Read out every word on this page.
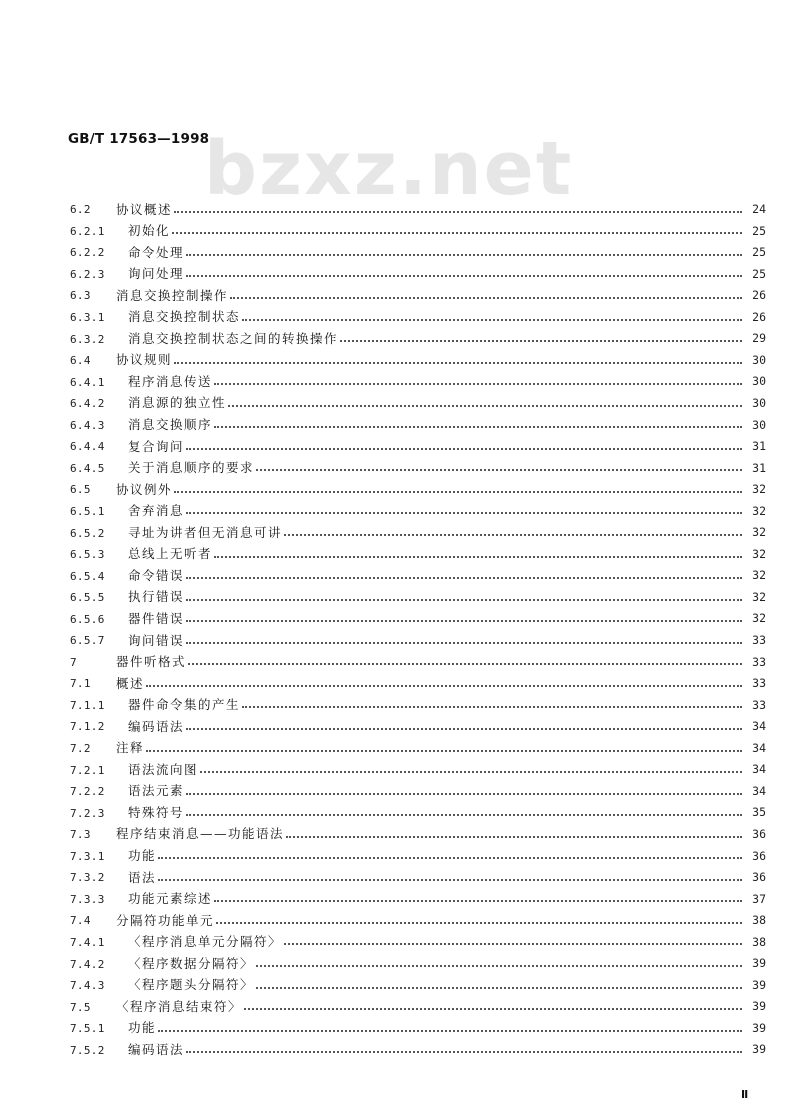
GB/T 17563—1998
bzxz.net
6.2	协议概述	24
6.2.1	初始化	25
6.2.2	命令处理	25
6.2.3	询问处理	25
6.3	消息交换控制操作	26
6.3.1	消息交换控制状态	26
6.3.2	消息交换控制状态之间的转换操作	29
6.4	协议规则	30
6.4.1	程序消息传送	30
6.4.2	消息源的独立性	30
6.4.3	消息交换顺序	30
6.4.4	复合询问	31
6.4.5	关于消息顺序的要求	31
6.5	协议例外	32
6.5.1	舍弃消息	32
6.5.2	寻址为讲者但无消息可讲	32
6.5.3	总线上无听者	32
6.5.4	命令错误	32
6.5.5	执行错误	32
6.5.6	器件错误	32
6.5.7	询问错误	33
7	器件听格式	33
7.1	概述	33
7.1.1	器件命令集的产生	33
7.1.2	编码语法	34
7.2	注释	34
7.2.1	语法流向图	34
7.2.2	语法元素	34
7.2.3	特殊符号	35
7.3	程序结束消息——功能语法	36
7.3.1	功能	36
7.3.2	语法	36
7.3.3	功能元素综述	37
7.4	分隔符功能单元	38
7.4.1	〈程序消息单元分隔符〉	38
7.4.2	〈程序数据分隔符〉	39
7.4.3	〈程序题头分隔符〉	39
7.5	〈程序消息结束符〉	39
7.5.1	功能	39
7.5.2	编码语法	39
Ⅱ
